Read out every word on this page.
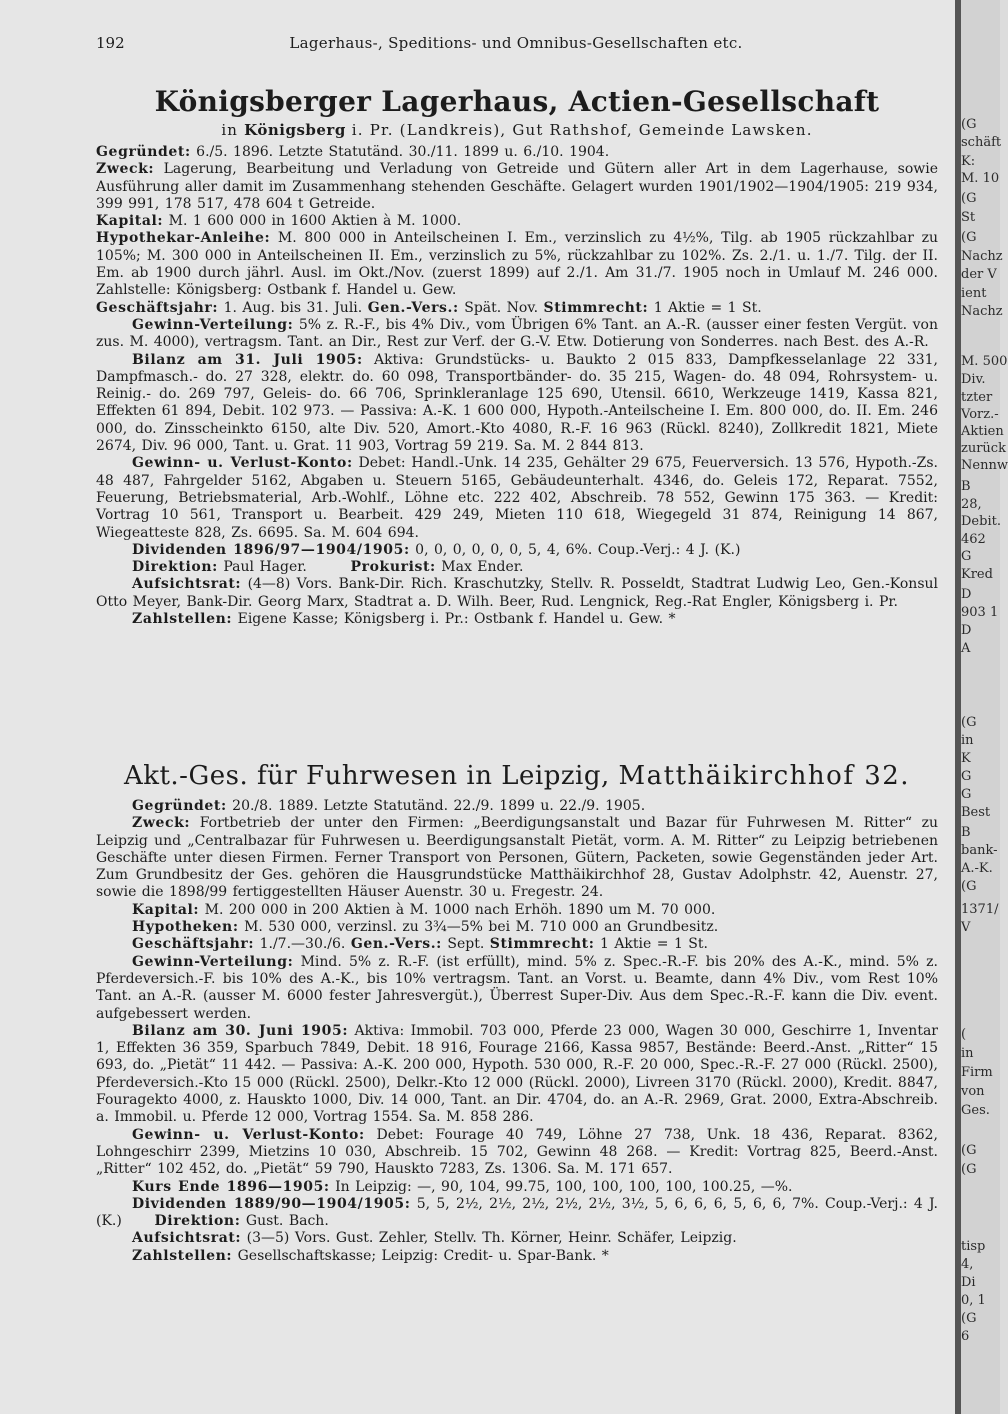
192	Lagerhaus-, Speditions- und Omnibus-Gesellschaften etc.
Königsberger Lagerhaus, Actien-Gesellschaft
in Königsberg i. Pr. (Landkreis), Gut Rathshof, Gemeinde Lawsken.
Gegründet: 6./5. 1896. Letzte Statutänd. 30./11. 1899 u. 6./10. 1904.
Zweck: Lagerung, Bearbeitung und Verladung von Getreide und Gütern aller Art in dem Lagerhause, sowie Ausführung aller damit im Zusammenhang stehenden Geschäfte. Gelagert wurden 1901/1902—1904/1905: 219 934, 399 991, 178 517, 478 604 t Getreide.
Kapital: M. 1 600 000 in 1600 Aktien à M. 1000.
Hypothekar-Anleihe: M. 800 000 in Anteilscheinen I. Em., verzinslich zu 4½%, Tilg. ab 1905 rückzahlbar zu 105%; M. 300 000 in Anteilscheinen II. Em., verzinslich zu 5%, rückzahlbar zu 102%. Zs. 2./1. u. 1./7. Tilg. der II. Em. ab 1900 durch jährl. Ausl. im Okt./Nov. (zuerst 1899) auf 2./1. Am 31./7. 1905 noch in Umlauf M. 246 000. Zahlstelle: Königsberg: Ostbank f. Handel u. Gew.
Geschäftsjahr: 1. Aug. bis 31. Juli. Gen.-Vers.: Spät. Nov. Stimmrecht: 1 Aktie = 1 St.
Gewinn-Verteilung: 5% z. R.-F., bis 4% Div., vom Übrigen 6% Tant. an A.-R. (ausser einer festen Vergüt. von zus. M. 4000), vertragsm. Tant. an Dir., Rest zur Verf. der G.-V. Etw. Dotierung von Sonderres. nach Best. des A.-R.
Bilanz am 31. Juli 1905: Aktiva: Grundstücks- u. Baukto 2 015 833, Dampfkesselanlage 22 331, Dampfmasch.- do. 27 328, elektr. do. 60 098, Transportbänder- do. 35 215, Wagen- do. 48 094, Rohrsystem- u. Reinig.- do. 269 797, Geleis- do. 66 706, Sprinkleranlage 125 690, Utensil. 6610, Werkzeuge 1419, Kassa 821, Effekten 61 894, Debit. 102 973. — Passiva: A.-K. 1 600 000, Hypoth.-Anteilscheine I. Em. 800 000, do. II. Em. 246 000, do. Zinsscheinkto 6150, alte Div. 520, Amort.-Kto 4080, R.-F. 16 963 (Rückl. 8240), Zollkredit 1821, Miete 2674, Div. 96 000, Tant. u. Grat. 11 903, Vortrag 59 219. Sa. M. 2 844 813.
Gewinn- u. Verlust-Konto: Debet: Handl.-Unk. 14 235, Gehälter 29 675, Feuerversich. 13 576, Hypoth.-Zs. 48 487, Fahrgelder 5162, Abgaben u. Steuern 5165, Gebäudeunterhalt. 4346, do. Geleis 172, Reparat. 7552, Feuerung, Betriebsmaterial, Arb.-Wohlf., Löhne etc. 222 402, Abschreib. 78 552, Gewinn 175 363. — Kredit: Vortrag 10 561, Transport u. Bearbeit. 429 249, Mieten 110 618, Wiegegeld 31 874, Reinigung 14 867, Wiegeatteste 828, Zs. 6695. Sa. M. 604 694.
Dividenden 1896/97—1904/1905: 0, 0, 0, 0, 0, 0, 5, 4, 6%. Coup.-Verj.: 4 J. (K.)
Direktion: Paul Hager.	Prokurist: Max Ender.
Aufsichtsrat: (4—8) Vors. Bank-Dir. Rich. Kraschutzky, Stellv. R. Posseldt, Stadtrat Ludwig Leo, Gen.-Konsul Otto Meyer, Bank-Dir. Georg Marx, Stadtrat a. D. Wilh. Beer, Rud. Lengnick, Reg.-Rat Engler, Königsberg i. Pr.
Zahlstellen: Eigene Kasse; Königsberg i. Pr.: Ostbank f. Handel u. Gew. *
Akt.-Ges. für Fuhrwesen in Leipzig, Matthäikirchhof 32.
Gegründet: 20./8. 1889. Letzte Statutänd. 22./9. 1899 u. 22./9. 1905.
Zweck: Fortbetrieb der unter den Firmen: „Beerdigungsanstalt und Bazar für Fuhrwesen M. Ritter“ zu Leipzig und „Centralbazar für Fuhrwesen u. Beerdigungsanstalt Pietät, vorm. A. M. Ritter“ zu Leipzig betriebenen Geschäfte unter diesen Firmen. Ferner Transport von Personen, Gütern, Packeten, sowie Gegenständen jeder Art. Zum Grundbesitz der Ges. gehören die Hausgrundstücke Matthäikirchhof 28, Gustav Adolphstr. 42, Auenstr. 27, sowie die 1898/99 fertiggestellten Häuser Auenstr. 30 u. Fregestr. 24.
Kapital: M. 200 000 in 200 Aktien à M. 1000 nach Erhöh. 1890 um M. 70 000.
Hypotheken: M. 530 000, verzinsl. zu 3¾—5% bei M. 710 000 an Grundbesitz.
Geschäftsjahr: 1./7.—30./6. Gen.-Vers.: Sept. Stimmrecht: 1 Aktie = 1 St.
Gewinn-Verteilung: Mind. 5% z. R.-F. (ist erfüllt), mind. 5% z. Spec.-R.-F. bis 20% des A.-K., mind. 5% z. Pferdeversich.-F. bis 10% des A.-K., bis 10% vertragsm. Tant. an Vorst. u. Beamte, dann 4% Div., vom Rest 10% Tant. an A.-R. (ausser M. 6000 fester Jahresvergüt.), Überrest Super-Div. Aus dem Spec.-R.-F. kann die Div. event. aufgebessert werden.
Bilanz am 30. Juni 1905: Aktiva: Immobil. 703 000, Pferde 23 000, Wagen 30 000, Geschirre 1, Inventar 1, Effekten 36 359, Sparbuch 7849, Debit. 18 916, Fourage 2166, Kassa 9857, Bestände: Beerd.-Anst. „Ritter“ 15 693, do. „Pietät“ 11 442. — Passiva: A.-K. 200 000, Hypoth. 530 000, R.-F. 20 000, Spec.-R.-F. 27 000 (Rückl. 2500), Pferdeversich.-Kto 15 000 (Rückl. 2500), Delkr.-Kto 12 000 (Rückl. 2000), Livreen 3170 (Rückl. 2000), Kredit. 8847, Fouragekto 4000, z. Hauskto 1000, Div. 14 000, Tant. an Dir. 4704, do. an A.-R. 2969, Grat. 2000, Extra-Abschreib. a. Immobil. u. Pferde 12 000, Vortrag 1554. Sa. M. 858 286.
Gewinn- u. Verlust-Konto: Debet: Fourage 40 749, Löhne 27 738, Unk. 18 436, Reparat. 8362, Lohngeschirr 2399, Mietzins 10 030, Abschreib. 15 702, Gewinn 48 268. — Kredit: Vortrag 825, Beerd.-Anst. „Ritter“ 102 452, do. „Pietät“ 59 790, Hauskto 7283, Zs. 1306. Sa. M. 171 657.
Kurs Ende 1896—1905: In Leipzig: —, 90, 104, 99.75, 100, 100, 100, 100, 100.25, —%.
Dividenden 1889/90—1904/1905: 5, 5, 2½, 2½, 2½, 2½, 2½, 3½, 5, 6, 6, 6, 5, 6, 6, 7%. Coup.-Verj.: 4 J. (K.) Direktion: Gust. Bach.
Aufsichtsrat: (3—5) Vors. Gust. Zehler, Stellv. Th. Körner, Heinr. Schäfer, Leipzig.
Zahlstellen: Gesellschaftskasse; Leipzig: Credit- u. Spar-Bank. *
(G
schäft
K:
M. 10
(G
St
(G
Nachz
der V
ient
Nachz
M. 500
Div.
tzter
Vorz.-
Aktien
zurück
Nennw
B
28,
Debit.
462
G
Kred
D
903 1
D
A
(G
in
K
G
G
Best
B
bank-
A.-K.
(G
1371/
V
(
in
Firm
von
Ges.
(G
(G
tisp
4,
Di
0, 1
(G
6
